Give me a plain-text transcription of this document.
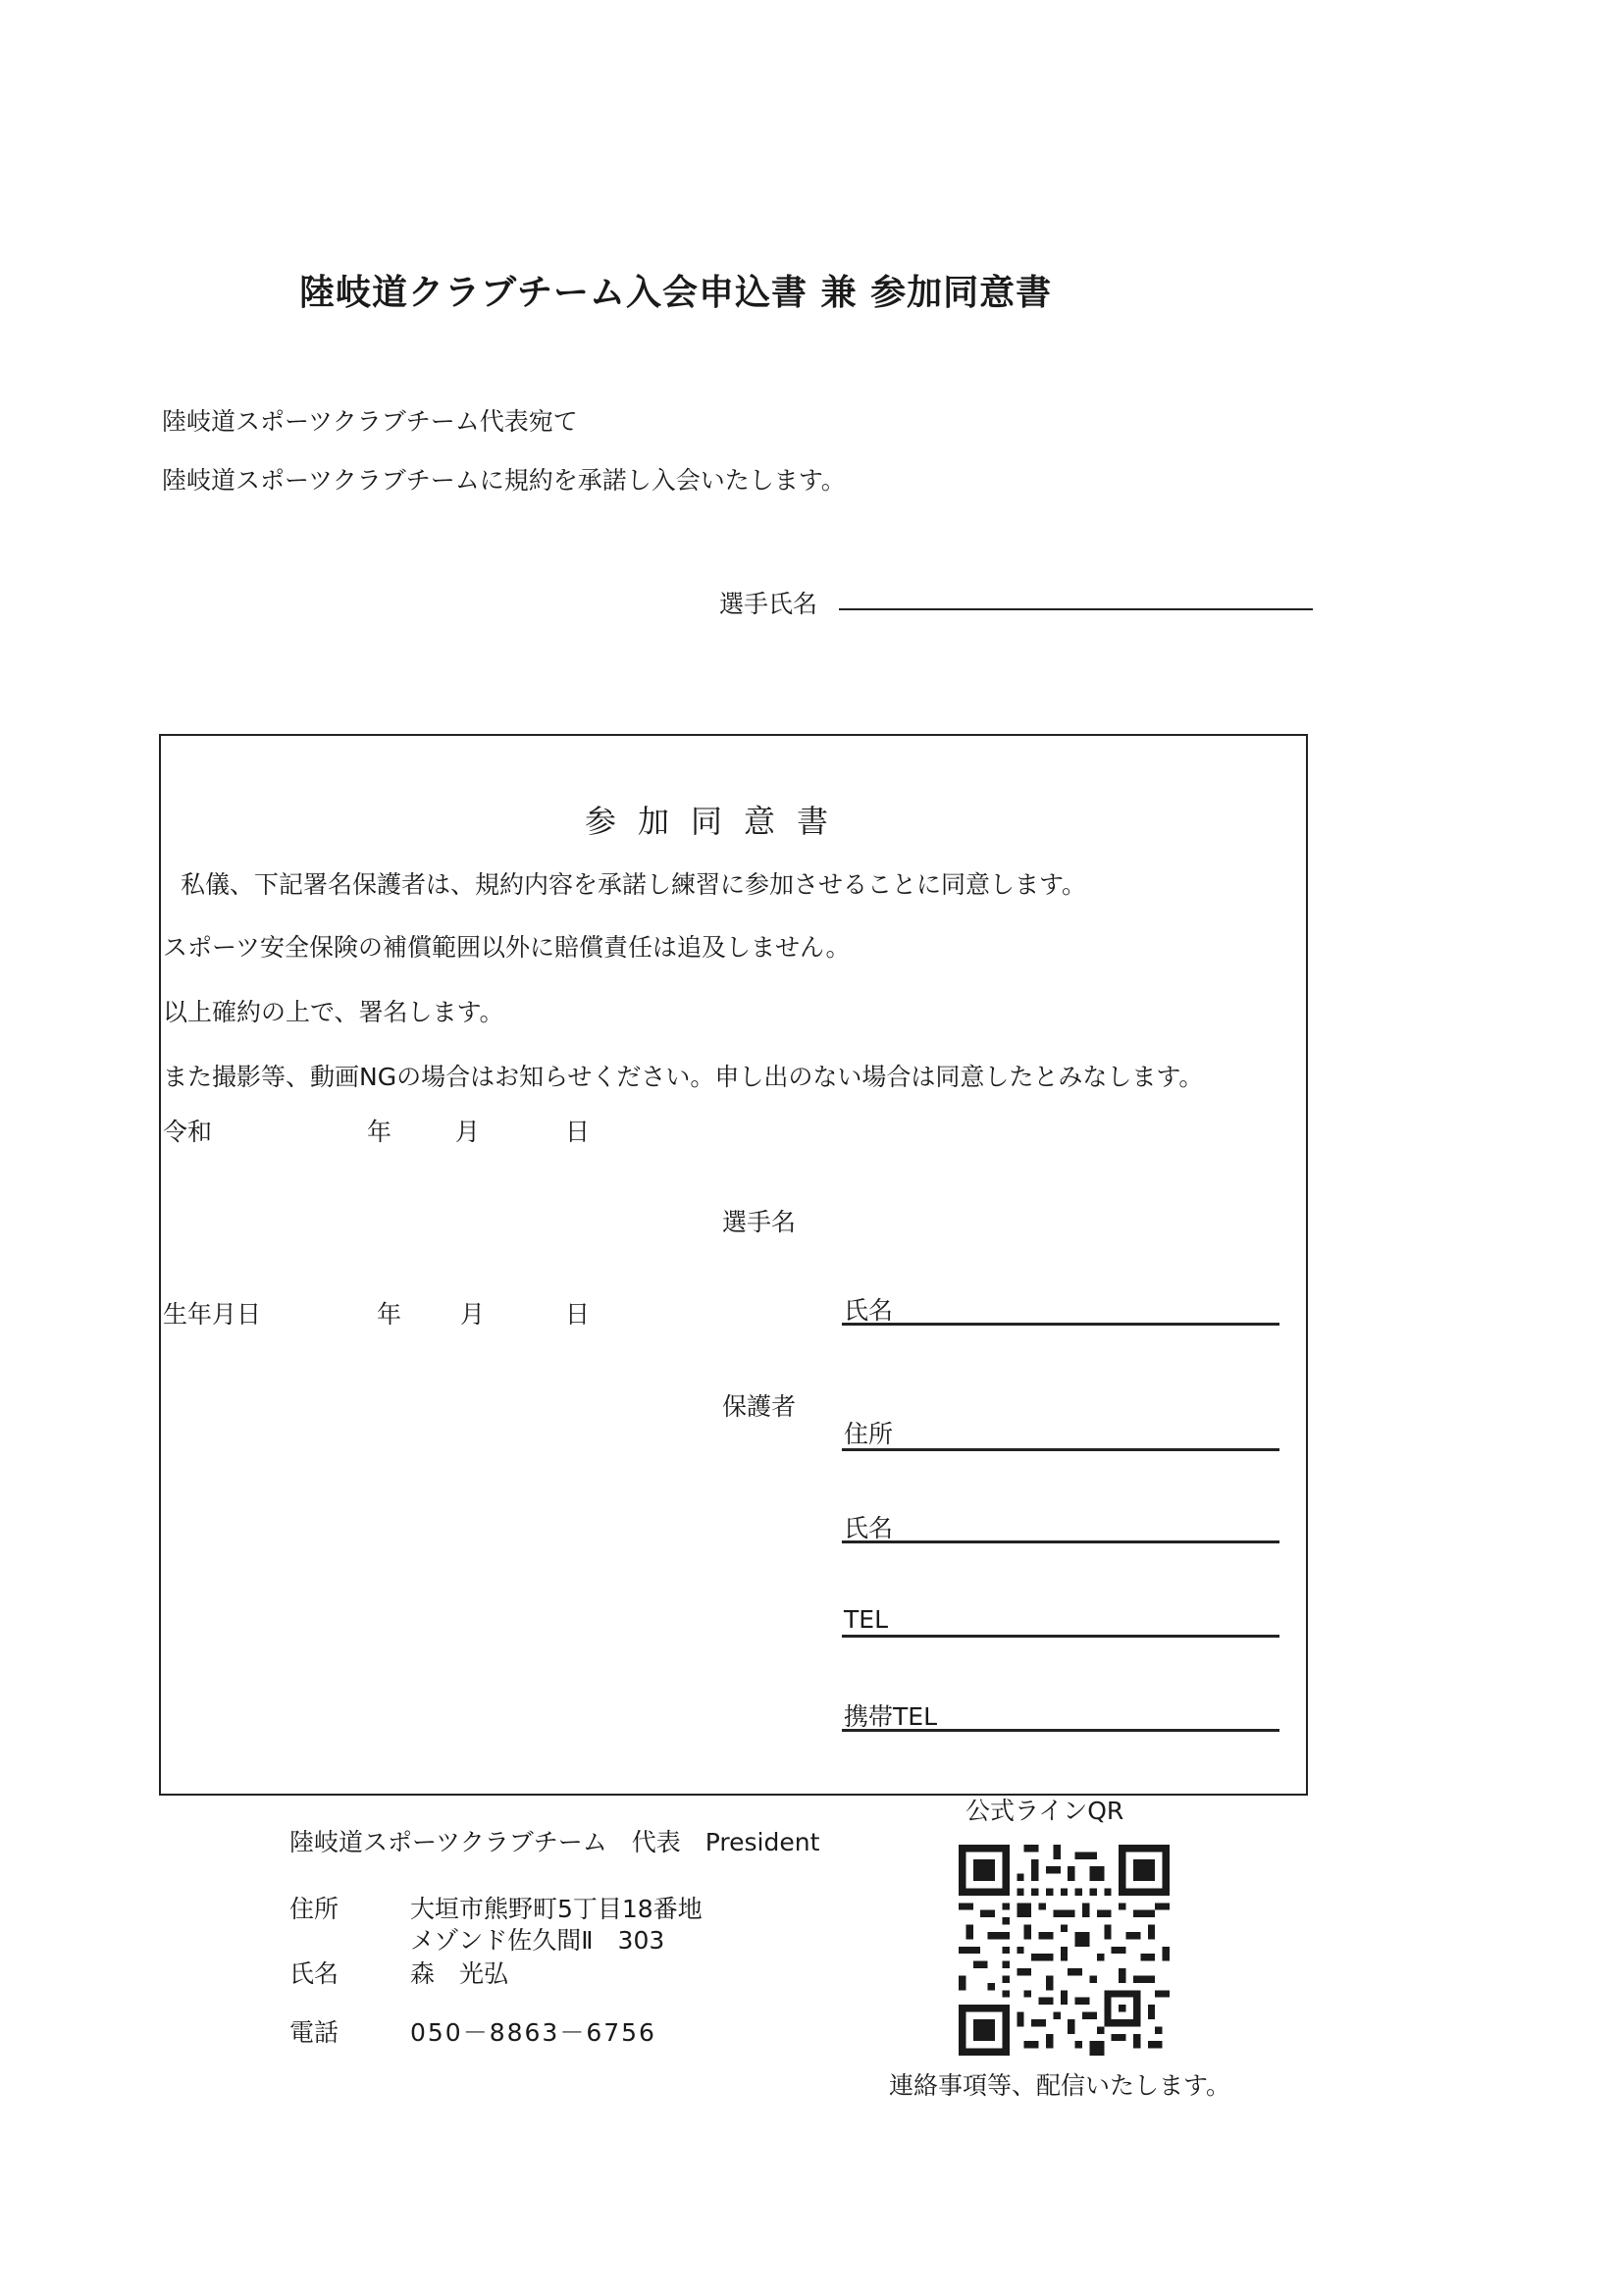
陸岐道クラブチーム入会申込書 兼 参加同意書
陸岐道スポーツクラブチーム代表宛て
陸岐道スポーツクラブチームに規約を承諾し入会いたします。
選手氏名
参加同意書
私儀、下記署名保護者は、規約内容を承諾し練習に参加させることに同意します。
スポーツ安全保険の補償範囲以外に賠償責任は追及しません。
以上確約の上で、署名します。
また撮影等、動画NGの場合はお知らせください。申し出のない場合は同意したとみなします。
令和	年	月	日
選手名
生年月日	年 月	日	氏名
保護者
住所
氏名
TEL
携帯TEL
陸岐道スポーツクラブチーム　代表　President
住所	大垣市熊野町5丁目18番地
メゾンド佐久間Ⅱ　303
氏名	森　光弘
電話	050－8863－6756
公式ラインQR
連絡事項等、配信いたします。
